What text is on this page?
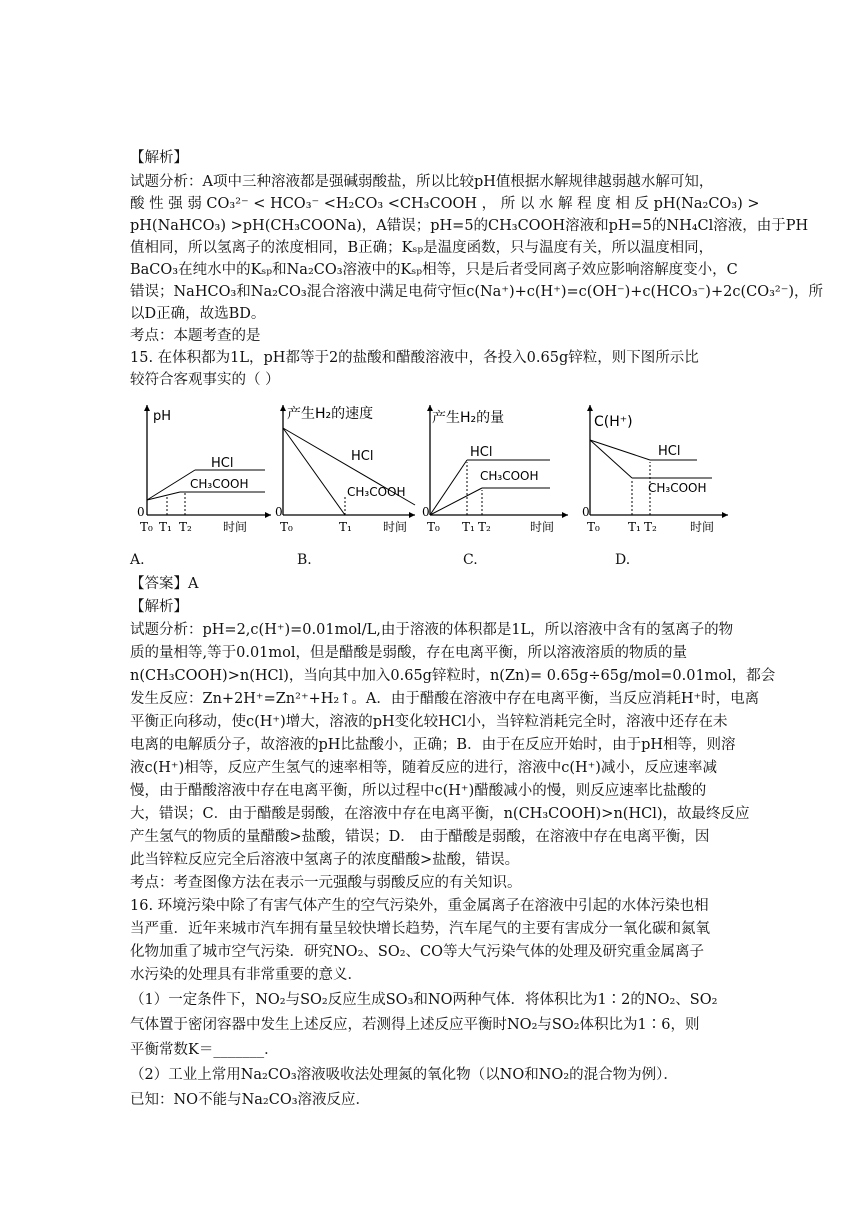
【解析】
试题分析：A项中三种溶液都是强碱弱酸盐，所以比较pH值根据水解规律越弱越水解可知，
酸 性 强 弱 CO₃²⁻ < HCO₃⁻ <H₂CO₃ <CH₃COOH ， 所 以 水 解 程 度 相 反 pH(Na₂CO₃) >
pH(NaHCO₃) >pH(CH₃COONa)，A错误；pH=5的CH₃COOH溶液和pH=5的NH₄Cl溶液，由于PH
值相同，所以氢离子的浓度相同，B正确；Kₛₚ是温度函数，只与温度有关，所以温度相同，
BaCO₃在纯水中的Kₛₚ和Na₂CO₃溶液中的Kₛₚ相等，只是后者受同离子效应影响溶解度变小，C
错误；NaHCO₃和Na₂CO₃混合溶液中满足电荷守恒c(Na⁺)+c(H⁺)=c(OH⁻)+c(HCO₃⁻)+2c(CO₃²⁻)，所
以D正确，故选BD。
考点：本题考查的是
15. 在体积都为1L，pH都等于2的盐酸和醋酸溶液中，各投入0.65g锌粒，则下图所示比
较符合客观事实的（ ）
pH
HCl
CH₃COOH
0
T₀ T₁ T₂	时间
产生H₂的速度
HCl
CH₃COOH
0
T₀	T₁	时间
产生H₂的量
HCl
CH₃COOH
0
T₀ T₁ T₂	时间
C(H⁺)
HCl
CH₃COOH
0
T₀ T₁ T₂	时间
A.	B.	C.	D.
【答案】A
【解析】
试题分析：pH=2,c(H⁺)=0.01mol/L,由于溶液的体积都是1L，所以溶液中含有的氢离子的物
质的量相等,等于0.01mol，但是醋酸是弱酸，存在电离平衡，所以溶液溶质的物质的量
n(CH₃COOH)>n(HCl)，当向其中加入0.65g锌粒时，n(Zn)= 0.65g÷65g/mol=0.01mol，都会
发生反应：Zn+2H⁺=Zn²⁺+H₂↑。A．由于醋酸在溶液中存在电离平衡，当反应消耗H⁺时，电离
平衡正向移动，使c(H⁺)增大，溶液的pH变化较HCl小，当锌粒消耗完全时，溶液中还存在未
电离的电解质分子，故溶液的pH比盐酸小，正确；B．由于在反应开始时，由于pH相等，则溶
液c(H⁺)相等，反应产生氢气的速率相等，随着反应的进行，溶液中c(H⁺)减小，反应速率减
慢，由于醋酸溶液中存在电离平衡，所以过程中c(H⁺)醋酸减小的慢，则反应速率比盐酸的
大，错误；C．由于醋酸是弱酸，在溶液中存在电离平衡，n(CH₃COOH)>n(HCl)，故最终反应
产生氢气的物质的量醋酸>盐酸，错误；D． 由于醋酸是弱酸，在溶液中存在电离平衡，因
此当锌粒反应完全后溶液中氢离子的浓度醋酸>盐酸，错误。
考点：考查图像方法在表示一元强酸与弱酸反应的有关知识。
16. 环境污染中除了有害气体产生的空气污染外，重金属离子在溶液中引起的水体污染也相
当严重．近年来城市汽车拥有量呈较快增长趋势，汽车尾气的主要有害成分一氧化碳和氮氧
化物加重了城市空气污染．研究NO₂、SO₂、CO等大气污染气体的处理及研究重金属离子
水污染的处理具有非常重要的意义．
（1）一定条件下，NO₂与SO₂反应生成SO₃和NO两种气体．将体积比为1∶2的NO₂、SO₂
气体置于密闭容器中发生上述反应，若测得上述反应平衡时NO₂与SO₂体积比为1∶6，则
平衡常数K＝_______．
（2）工业上常用Na₂CO₃溶液吸收法处理氮的氧化物（以NO和NO₂的混合物为例）．
已知：NO不能与Na₂CO₃溶液反应．
